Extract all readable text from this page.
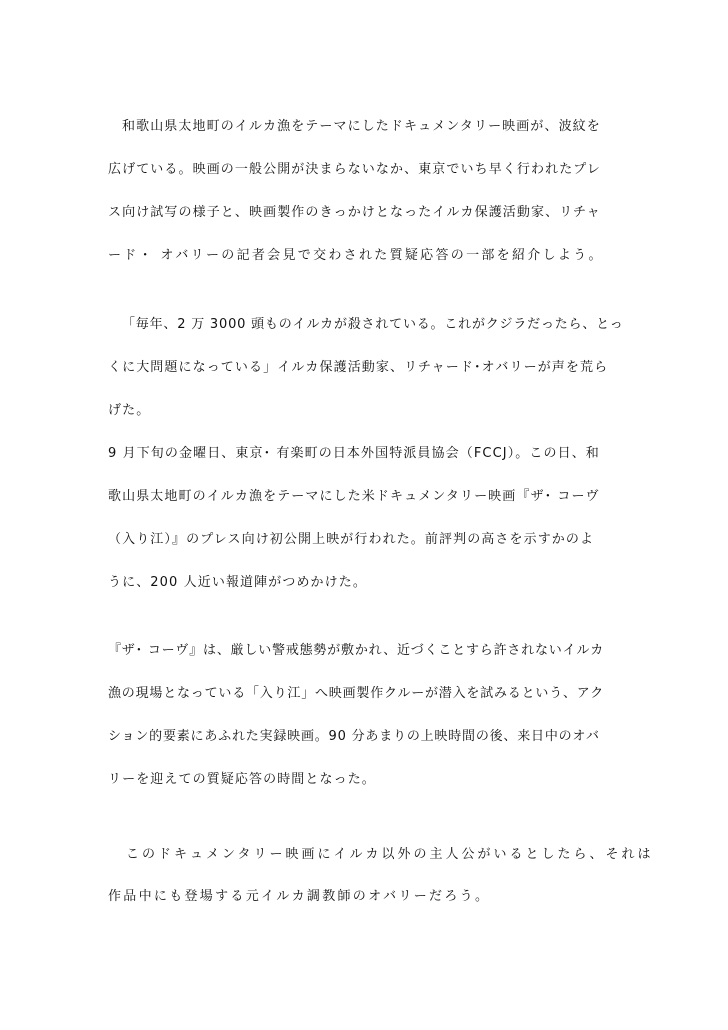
和歌山県太地町のイルカ漁をテーマにしたドキュメンタリー映画が、波紋を
広げている。映画の一般公開が決まらないなか、東京でいち早く行われたプレ
ス向け試写の様子と、映画製作のきっかけとなったイルカ保護活動家、リチャ
ード・ オバリーの記者会見で交わされた質疑応答の一部を紹介しよう。
「毎年、2 万 3000 頭ものイルカが殺されている。これがクジラだったら、とっ
くに大問題になっている」イルカ保護活動家、リチャード･オバリーが声を荒ら
げた。
9 月下旬の金曜日、東京･ 有楽町の日本外国特派員協会（FCCJ）。この日、和
歌山県太地町のイルカ漁をテーマにした米ドキュメンタリー映画『ザ･ コーヴ
（入り江）』のプレス向け初公開上映が行われた。前評判の高さを示すかのよ
うに、200 人近い報道陣がつめかけた。
『ザ･ コーヴ』は、厳しい警戒態勢が敷かれ、近づくことすら許されないイルカ
漁の現場となっている「入り江」へ映画製作クルーが潜入を試みるという、アク
ション的要素にあふれた実録映画。90 分あまりの上映時間の後、来日中のオバ
リーを迎えての質疑応答の時間となった。
このドキュメンタリー映画にイルカ以外の主人公がいるとしたら、それは
作品中にも登場する元イルカ調教師のオバリーだろう。
